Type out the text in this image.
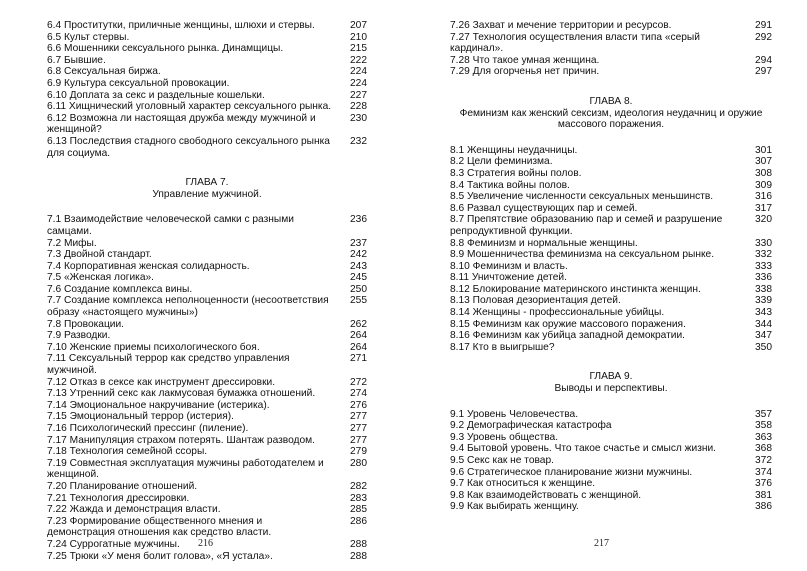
6.4 Проститутки, приличные женщины, шлюхи и стервы.	207
6.5 Культ стервы.	210
6.6 Мошенники сексуального рынка. Динамщицы.	215
6.7 Бывшие.	222
6.8 Сексуальная биржа.	224
6.9 Культура сексуальной провокации.	224
6.10 Доплата за секс и раздельные кошельки.	227
6.11 Хищнический уголовный характер сексуального рынка.	228
6.12 Возможна ли настоящая дружба между мужчиной и женщиной?
230
6.13 Последствия стадного свободного сексуального рынка для социума.
232
ГЛАВА 7.
Управление мужчиной.
7.1 Взаимодействие человеческой самки с разными самцами.
236
7.2 Мифы.	237
7.3 Двойной стандарт.	242
7.4 Корпоративная женская солидарность.	243
7.5 «Женская логика».	245
7.6 Создание комплекса вины.	250
7.7 Создание комплекса неполноценности (несоответствия образу «настоящего мужчины»)
255
7.8 Провокации.	262
7.9 Разводки.	264
7.10 Женские приемы психологического боя.	264
7.11 Сексуальный террор как средство управления мужчиной.
271
7.12 Отказ в сексе как инструмент дрессировки.	272
7.13 Утренний секс как лакмусовая бумажка отношений.	274
7.14 Эмоциональное накручивание (истерика).	276
7.15 Эмоциональный террор (истерия).	277
7.16 Психологический прессинг (пиление).	277
7.17 Манипуляция страхом потерять. Шантаж разводом.	277
7.18 Технология семейной ссоры.	279
7.19 Совместная эксплуатация мужчины работодателем и женщиной.
280
7.20 Планирование отношений.	282
7.21 Технология дрессировки.	283
7.22 Жажда и демонстрация власти.	285
7.23 Формирование общественного мнения и демонстрация отношения как средство власти.
286
7.24 Суррогатные мужчины.	288
7.25 Трюки «У меня болит голова», «Я устала».	288
7.26 Захват и мечение территории и ресурсов.	291
7.27 Технология осуществления власти типа «серый кардинал».
292
7.28 Что такое умная женщина.	294
7.29 Для огорченья нет причин.	297
ГЛАВА 8.
Феминизм как женский сексизм, идеология неудачниц и оружие массового поражения.
8.1 Женщины неудачницы.	301
8.2 Цели феминизма.	307
8.3 Стратегия войны полов.	308
8.4 Тактика войны полов.	309
8.5 Увеличение численности сексуальных меньшинств.	316
8.6 Развал существующих пар и семей.	317
8.7 Препятствие образованию пар и семей и разрушение репродуктивной функции.
320
8.8 Феминизм и нормальные женщины.	330
8.9 Мошенничества феминизма на сексуальном рынке.	332
8.10 Феминизм и власть.	333
8.11 Уничтожение детей.	336
8.12 Блокирование материнского инстинкта женщин.	338
8.13 Половая дезориентация детей.	339
8.14 Женщины - профессиональные убийцы.	343
8.15 Феминизм как оружие массового поражения.	344
8.16 Феминизм как убийца западной демократии.	347
8.17 Кто в выигрыше?	350
ГЛАВА 9.
Выводы и перспективы.
9.1 Уровень Человечества.	357
9.2 Демографическая катастрофа	358
9.3 Уровень общества.	363
9.4 Бытовой уровень. Что такое счастье и смысл жизни.	368
9.5 Секс как не товар.	372
9.6 Стратегическое планирование жизни мужчины.	374
9.7 Как относиться к женщине.	376
9.8 Как взаимодействовать с женщиной.	381
9.9 Как выбирать женщину.	386
216	217
